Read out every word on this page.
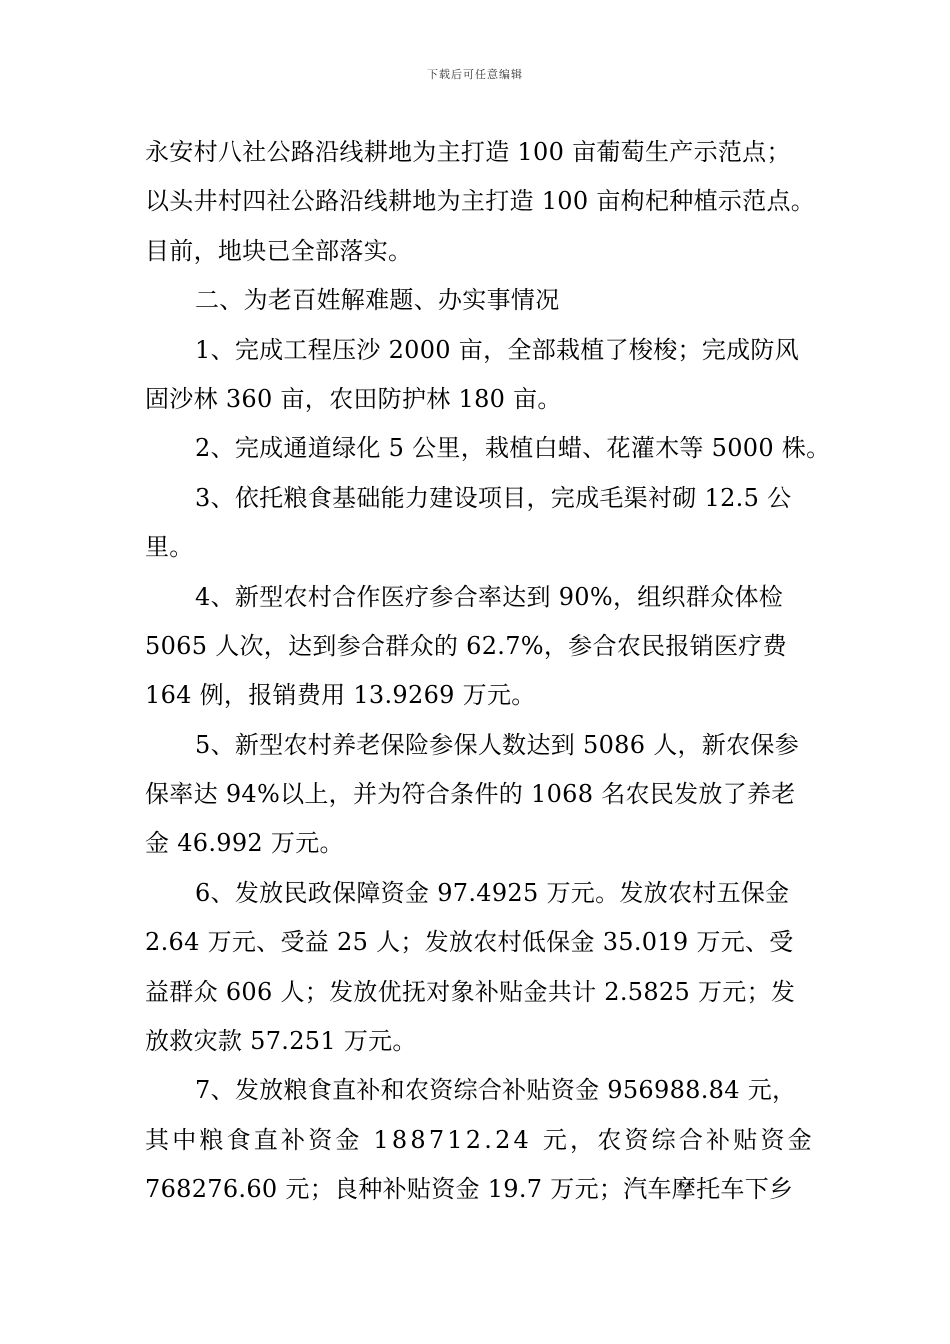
下载后可任意编辑
永安村八社公路沿线耕地为主打造 100 亩葡萄生产示范点；
以头井村四社公路沿线耕地为主打造 100 亩枸杞种植示范点。
目前，地块已全部落实。
二、为老百姓解难题、办实事情况
1、完成工程压沙 2000 亩，全部栽植了梭梭；完成防风
固沙林 360 亩，农田防护林 180 亩。
2、完成通道绿化 5 公里，栽植白蜡、花灌木等 5000 株。
3、依托粮食基础能力建设项目，完成毛渠衬砌 12.5 公
里。
4、新型农村合作医疗参合率达到 90%，组织群众体检
5065 人次，达到参合群众的 62.7%，参合农民报销医疗费
164 例，报销费用 13.9269 万元。
5、新型农村养老保险参保人数达到 5086 人，新农保参
保率达 94%以上，并为符合条件的 1068 名农民发放了养老
金 46.992 万元。
6、发放民政保障资金 97.4925 万元。发放农村五保金
2.64 万元、受益 25 人；发放农村低保金 35.019 万元、受
益群众 606 人；发放优抚对象补贴金共计 2.5825 万元；发
放救灾款 57.251 万元。
7、发放粮食直补和农资综合补贴资金 956988.84 元，
其中粮食直补资金 188712.24 元，农资综合补贴资金
768276.60 元；良种补贴资金 19.7 万元；汽车摩托车下乡
